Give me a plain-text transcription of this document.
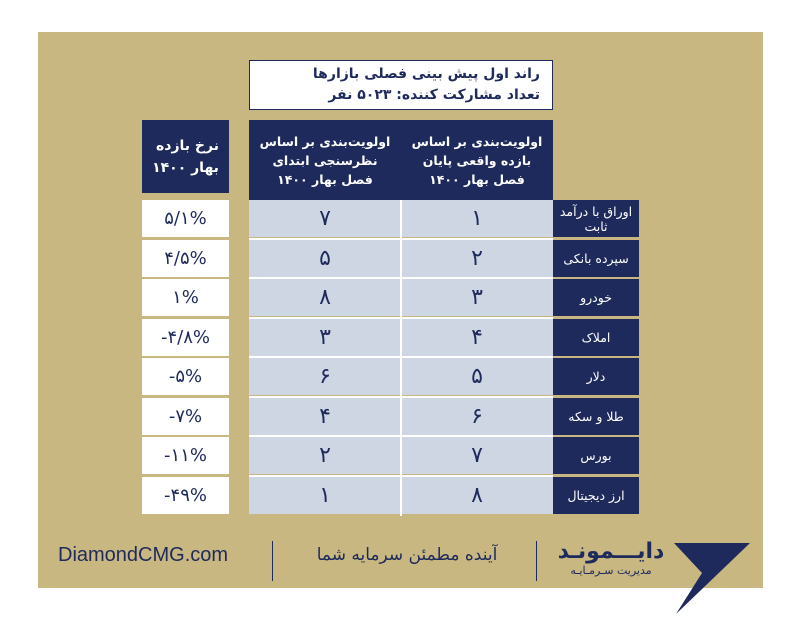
راند اول پیش بینی فصلی بازارها
تعداد مشارکت کننده: ۵۰۲۳ نفر
نرخ بازده
بهار ۱۴۰۰
اولویت‌بندی بر اساس
نظرسنجی ابتدای
فصل بهار ۱۴۰۰
اولویت‌بندی بر اساس
بازده واقعی پایان
فصل بهار ۱۴۰۰
۵/۱%	۷	۱	اوراق با درآمد ثابت
۴/۵%	۵	۲	سپرده بانکی
۱%	۸	۳	خودرو
-۴/۸%	۳	۴	املاک
-۵%	۶	۵	دلار
-۷%	۴	۶	طلا و سکه
-۱۱%	۲	۷	بورس
-۴۹%	۱	۸	ارز دیجیتال
DiamondCMG.com	آینده مطمئن سرمایه شما	دایـــمونـد
مدیریت سـرمـایـه
